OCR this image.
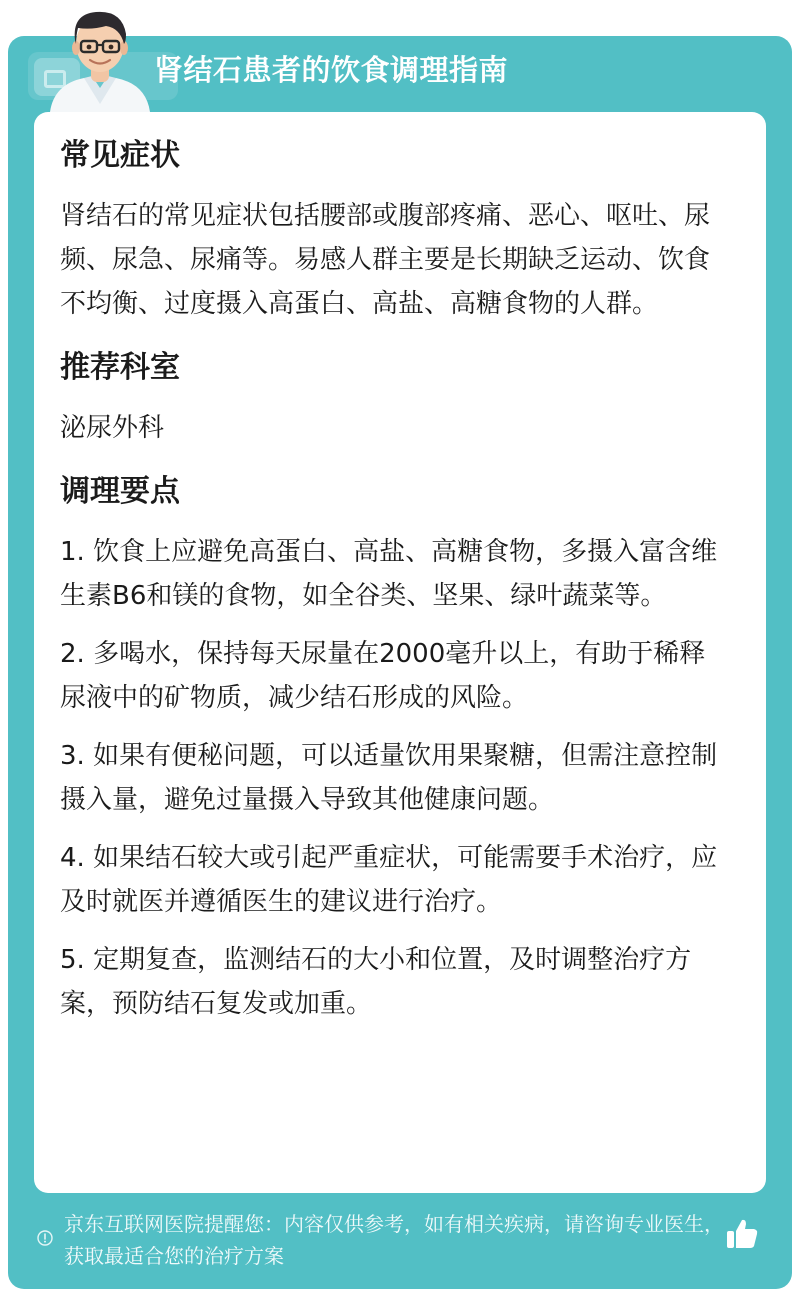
肾结石患者的饮食调理指南
常见症状

肾结石的常见症状包括腰部或腹部疼痛、恶心、呕吐、尿频、尿急、尿痛等。易感人群主要是长期缺乏运动、饮食不均衡、过度摄入高蛋白、高盐、高糖食物的人群。

推荐科室

泌尿外科

调理要点

1. 饮食上应避免高蛋白、高盐、高糖食物，多摄入富含维生素B6和镁的食物，如全谷类、坚果、绿叶蔬菜等。

2. 多喝水，保持每天尿量在2000毫升以上，有助于稀释尿液中的矿物质，减少结石形成的风险。

3. 如果有便秘问题，可以适量饮用果聚糖，但需注意控制摄入量，避免过量摄入导致其他健康问题。

4. 如果结石较大或引起严重症状，可能需要手术治疗，应及时就医并遵循医生的建议进行治疗。

5. 定期复查，监测结石的大小和位置，及时调整治疗方案，预防结石复发或加重。

京东互联网医院提醒您：内容仅供参考，如有相关疾病，请咨询专业医生，获取最适合您的治疗方案
